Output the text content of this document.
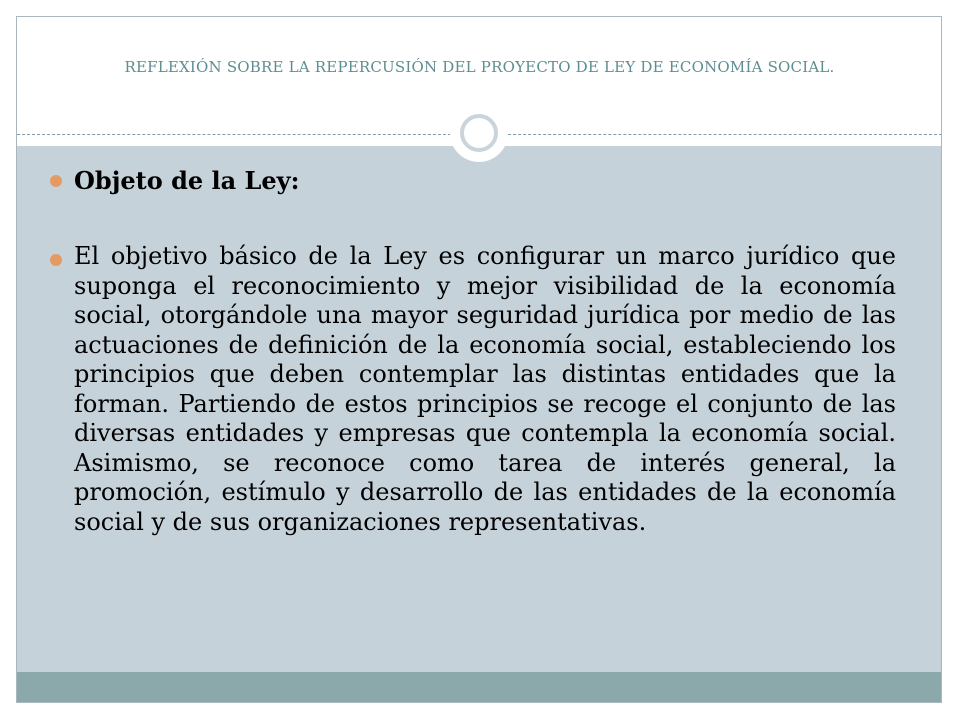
REFLEXIÓN SOBRE LA REPERCUSIÓN DEL PROYECTO DE LEY DE ECONOMÍA SOCIAL.
Objeto de la Ley:
El objetivo básico de la Ley es configurar un marco jurídico que suponga el reconocimiento y mejor visibilidad de la economía social, otorgándole una mayor seguridad jurídica por medio de las actuaciones de definición de la economía social, estableciendo los principios que deben contemplar las distintas entidades que la forman. Partiendo de estos principios se recoge el conjunto de las diversas entidades y empresas que contempla la economía social. Asimismo, se reconoce como tarea de interés general, la promoción, estímulo y desarrollo de las entidades de la economía social y de sus organizaciones representativas.
